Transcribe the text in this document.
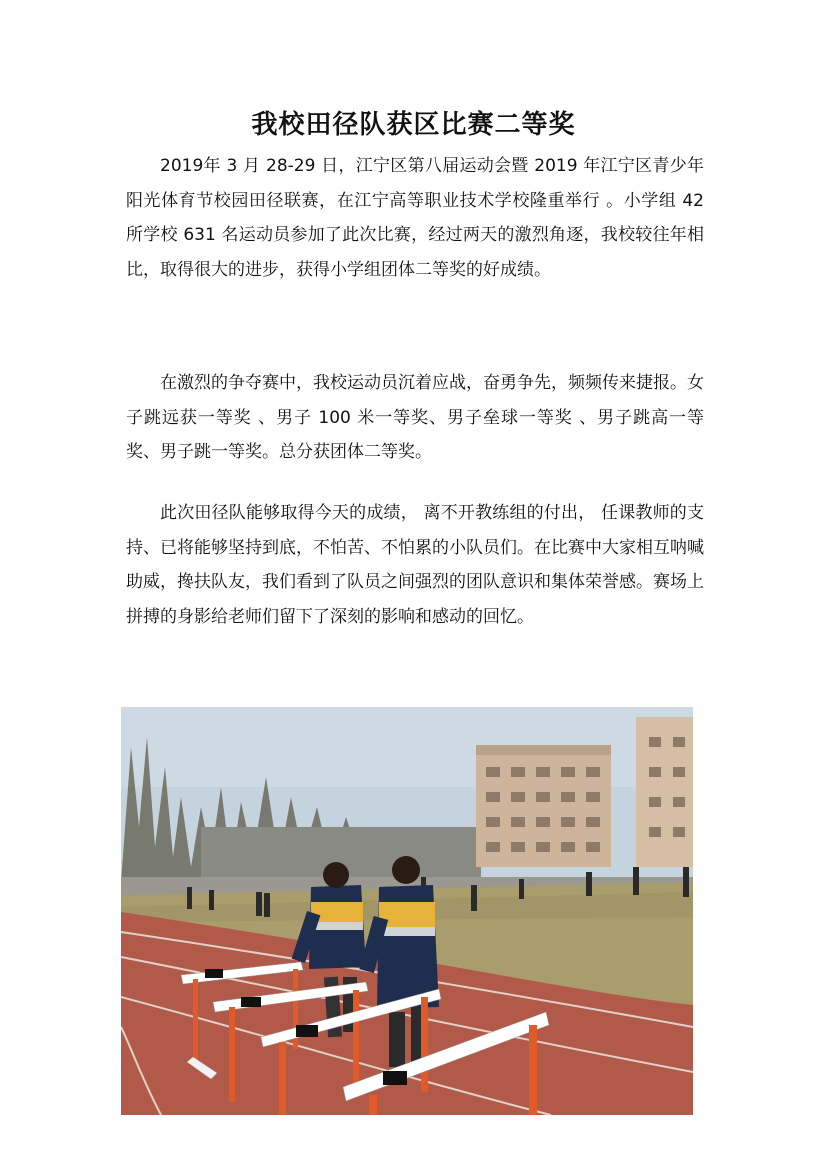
我校田径队获区比赛二等奖

2019年 3 月 28-29 日，江宁区第八届运动会暨 2019 年江宁区青少年阳光体育节校园田径联赛，在江宁高等职业技术学校隆重举行 。小学组 42 所学校 631 名运动员参加了此次比赛，经过两天的激烈角逐，我校较往年相比，取得很大的进步，获得小学组团体二等奖的好成绩。

在激烈的争夺赛中，我校运动员沉着应战，奋勇争先，频频传来捷报。女子跳远获一等奖 、男子 100 米一等奖、男子垒球一等奖 、男子跳高一等奖、男子跳一等奖。总分获团体二等奖。

此次田径队能够取得今天的成绩， 离不开教练组的付出， 任课教师的支持、已将能够坚持到底，不怕苦、不怕累的小队员们。在比赛中大家相互呐喊助威，搀扶队友，我们看到了队员之间强烈的团队意识和集体荣誉感。赛场上拼搏的身影给老师们留下了深刻的影响和感动的回忆。
